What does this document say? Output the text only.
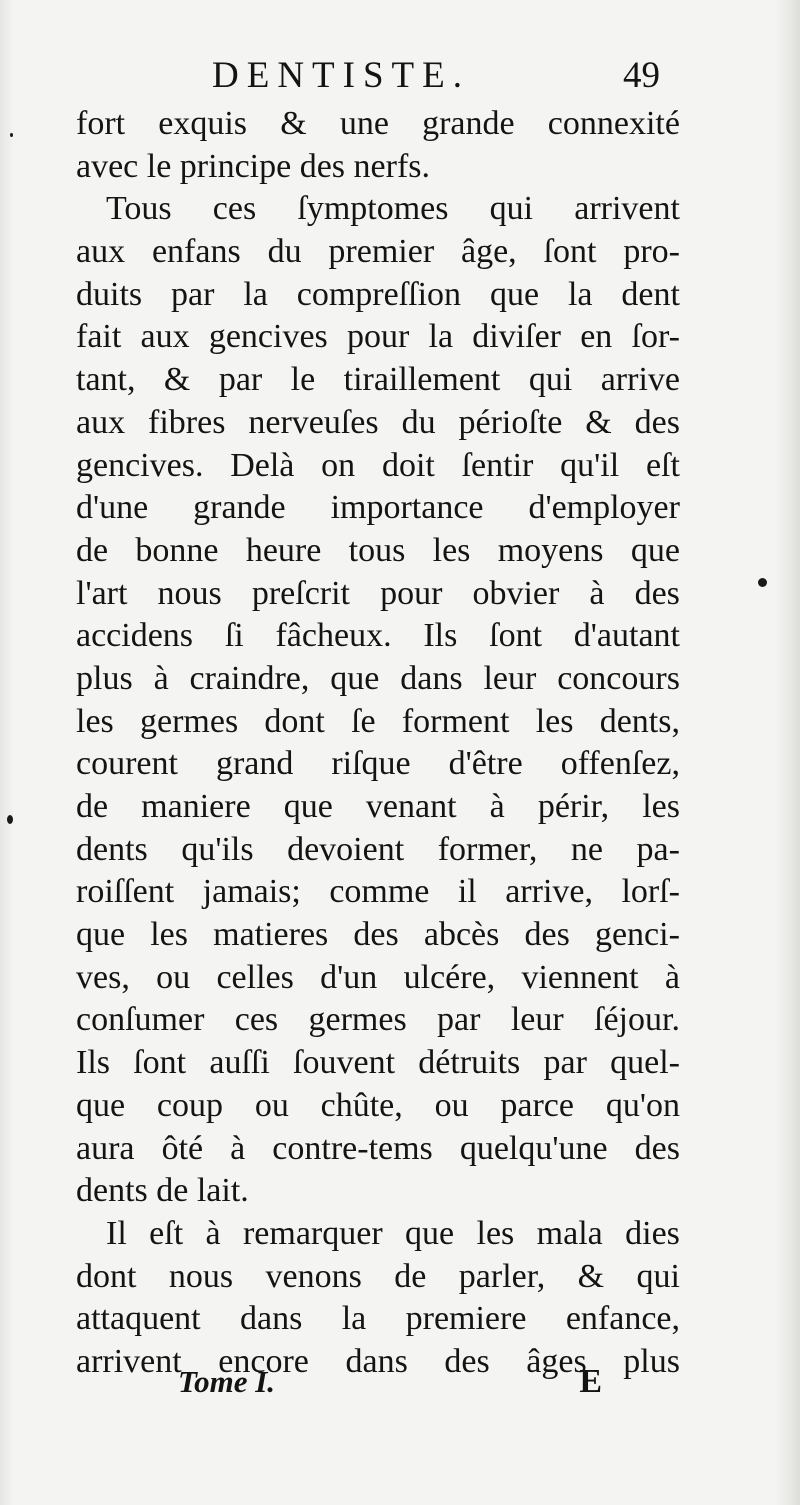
DENTISTE.	49
fort exquis & une grande connexité
avec le principe des nerfs.
Tous ces ſymptomes qui arrivent
aux enfans du premier âge, ſont pro-
duits par la compreſſion que la dent
fait aux gencives pour la diviſer en ſor-
tant, & par le tiraillement qui arrive
aux fibres nerveuſes du périoſte & des
gencives. Delà on doit ſentir qu'il eſt
d'une grande importance d'employer
de bonne heure tous les moyens que
l'art nous preſcrit pour obvier à des
accidens ſi fâcheux. Ils ſont d'autant
plus à craindre, que dans leur concours
les germes dont ſe forment les dents,
courent grand riſque d'être offenſez,
de maniere que venant à périr, les
dents qu'ils devoient former, ne pa-
roiſſent jamais; comme il arrive, lorſ-
que les matieres des abcès des genci-
ves, ou celles d'un ulcére, viennent à
conſumer ces germes par leur ſéjour.
Ils ſont auſſi ſouvent détruits par quel-
que coup ou chûte, ou parce qu'on
aura ôté à contre-tems quelqu'une des
dents de lait.
Il eſt à remarquer que les mala dies
dont nous venons de parler, & qui
attaquent dans la premiere enfance,
arrivent encore dans des âges plus
Tome I.	E
